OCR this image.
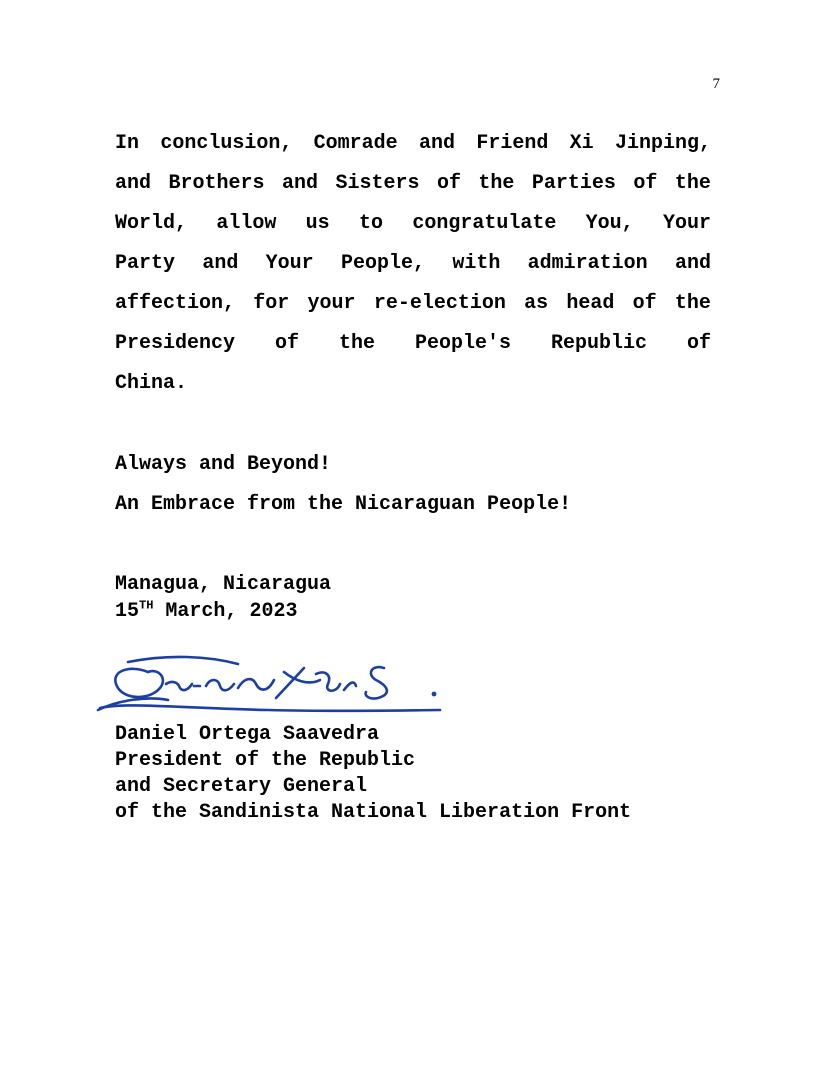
7
In conclusion, Comrade and Friend Xi Jinping,
and Brothers and Sisters of the Parties of the
World, allow us to congratulate You, Your
Party and Your People, with admiration and
affection, for your re-election as head of the
Presidency of the People's Republic of
China.
Always and Beyond!
An Embrace from the Nicaraguan People!
Managua, Nicaragua
15TH March, 2023
Daniel Ortega Saavedra
President of the Republic
and Secretary General
of the Sandinista National Liberation Front
